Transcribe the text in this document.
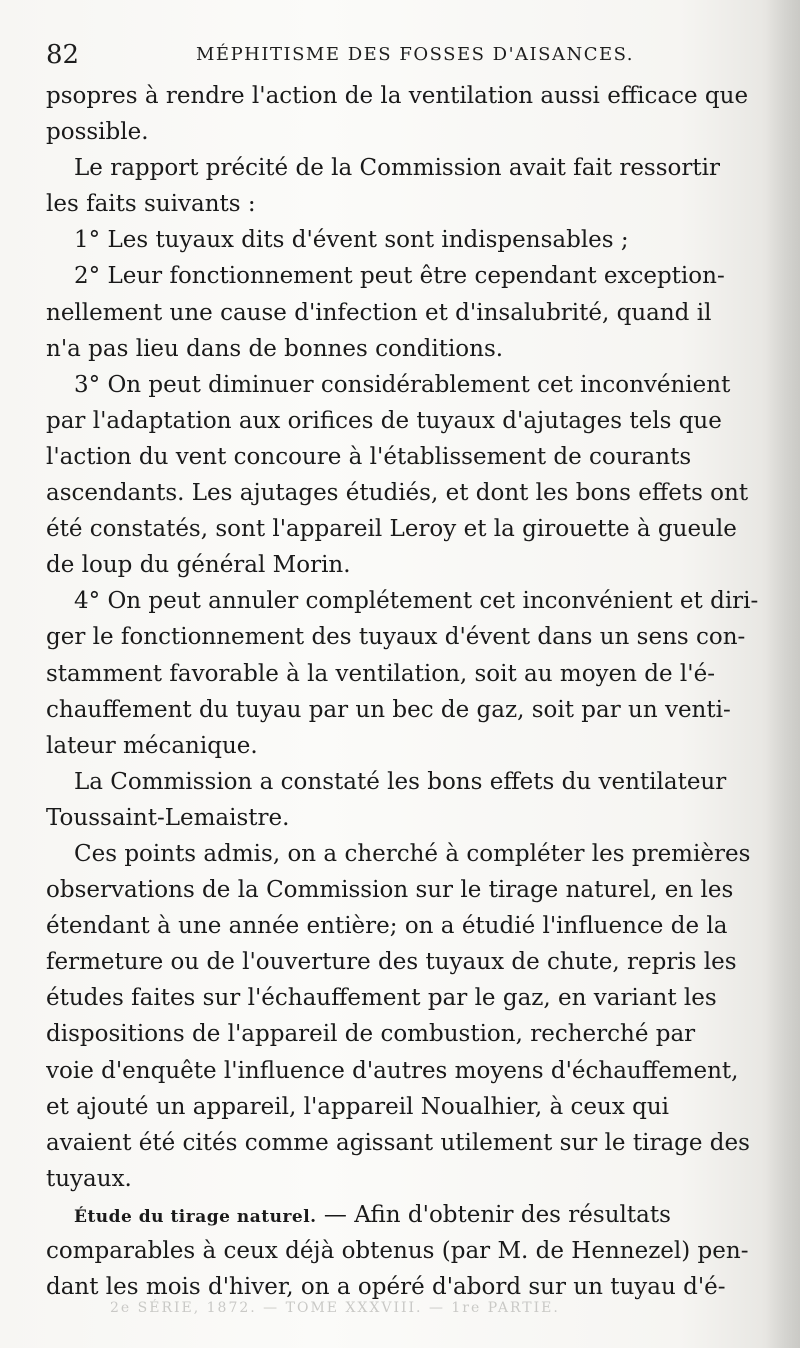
82	MÉPHITISME DES FOSSES D'AISANCES.
psopres à rendre l'action de la ventilation aussi efficace que
possible.
Le rapport précité de la Commission avait fait ressortir
les faits suivants :
1° Les tuyaux dits d'évent sont indispensables ;
2° Leur fonctionnement peut être cependant exception-
nellement une cause d'infection et d'insalubrité, quand il
n'a pas lieu dans de bonnes conditions.
3° On peut diminuer considérablement cet inconvénient
par l'adaptation aux orifices de tuyaux d'ajutages tels que
l'action du vent concoure à l'établissement de courants
ascendants. Les ajutages étudiés, et dont les bons effets ont
été constatés, sont l'appareil Leroy et la girouette à gueule
de loup du général Morin.
4° On peut annuler complétement cet inconvénient et diri-
ger le fonctionnement des tuyaux d'évent dans un sens con-
stamment favorable à la ventilation, soit au moyen de l'é-
chauffement du tuyau par un bec de gaz, soit par un venti-
lateur mécanique.
La Commission a constaté les bons effets du ventilateur
Toussaint-Lemaistre.
Ces points admis, on a cherché à compléter les premières
observations de la Commission sur le tirage naturel, en les
étendant à une année entière; on a étudié l'influence de la
fermeture ou de l'ouverture des tuyaux de chute, repris les
études faites sur l'échauffement par le gaz, en variant les
dispositions de l'appareil de combustion, recherché par
voie d'enquête l'influence d'autres moyens d'échauffement,
et ajouté un appareil, l'appareil Noualhier, à ceux qui
avaient été cités comme agissant utilement sur le tirage des
tuyaux.
Étude du tirage naturel. — Afin d'obtenir des résultats
comparables à ceux déjà obtenus (par M. de Hennezel) pen-
dant les mois d'hiver, on a opéré d'abord sur un tuyau d'é-
2e SÉRIE, 1872. — TOME XXXVIII. — 1re PARTIE.
